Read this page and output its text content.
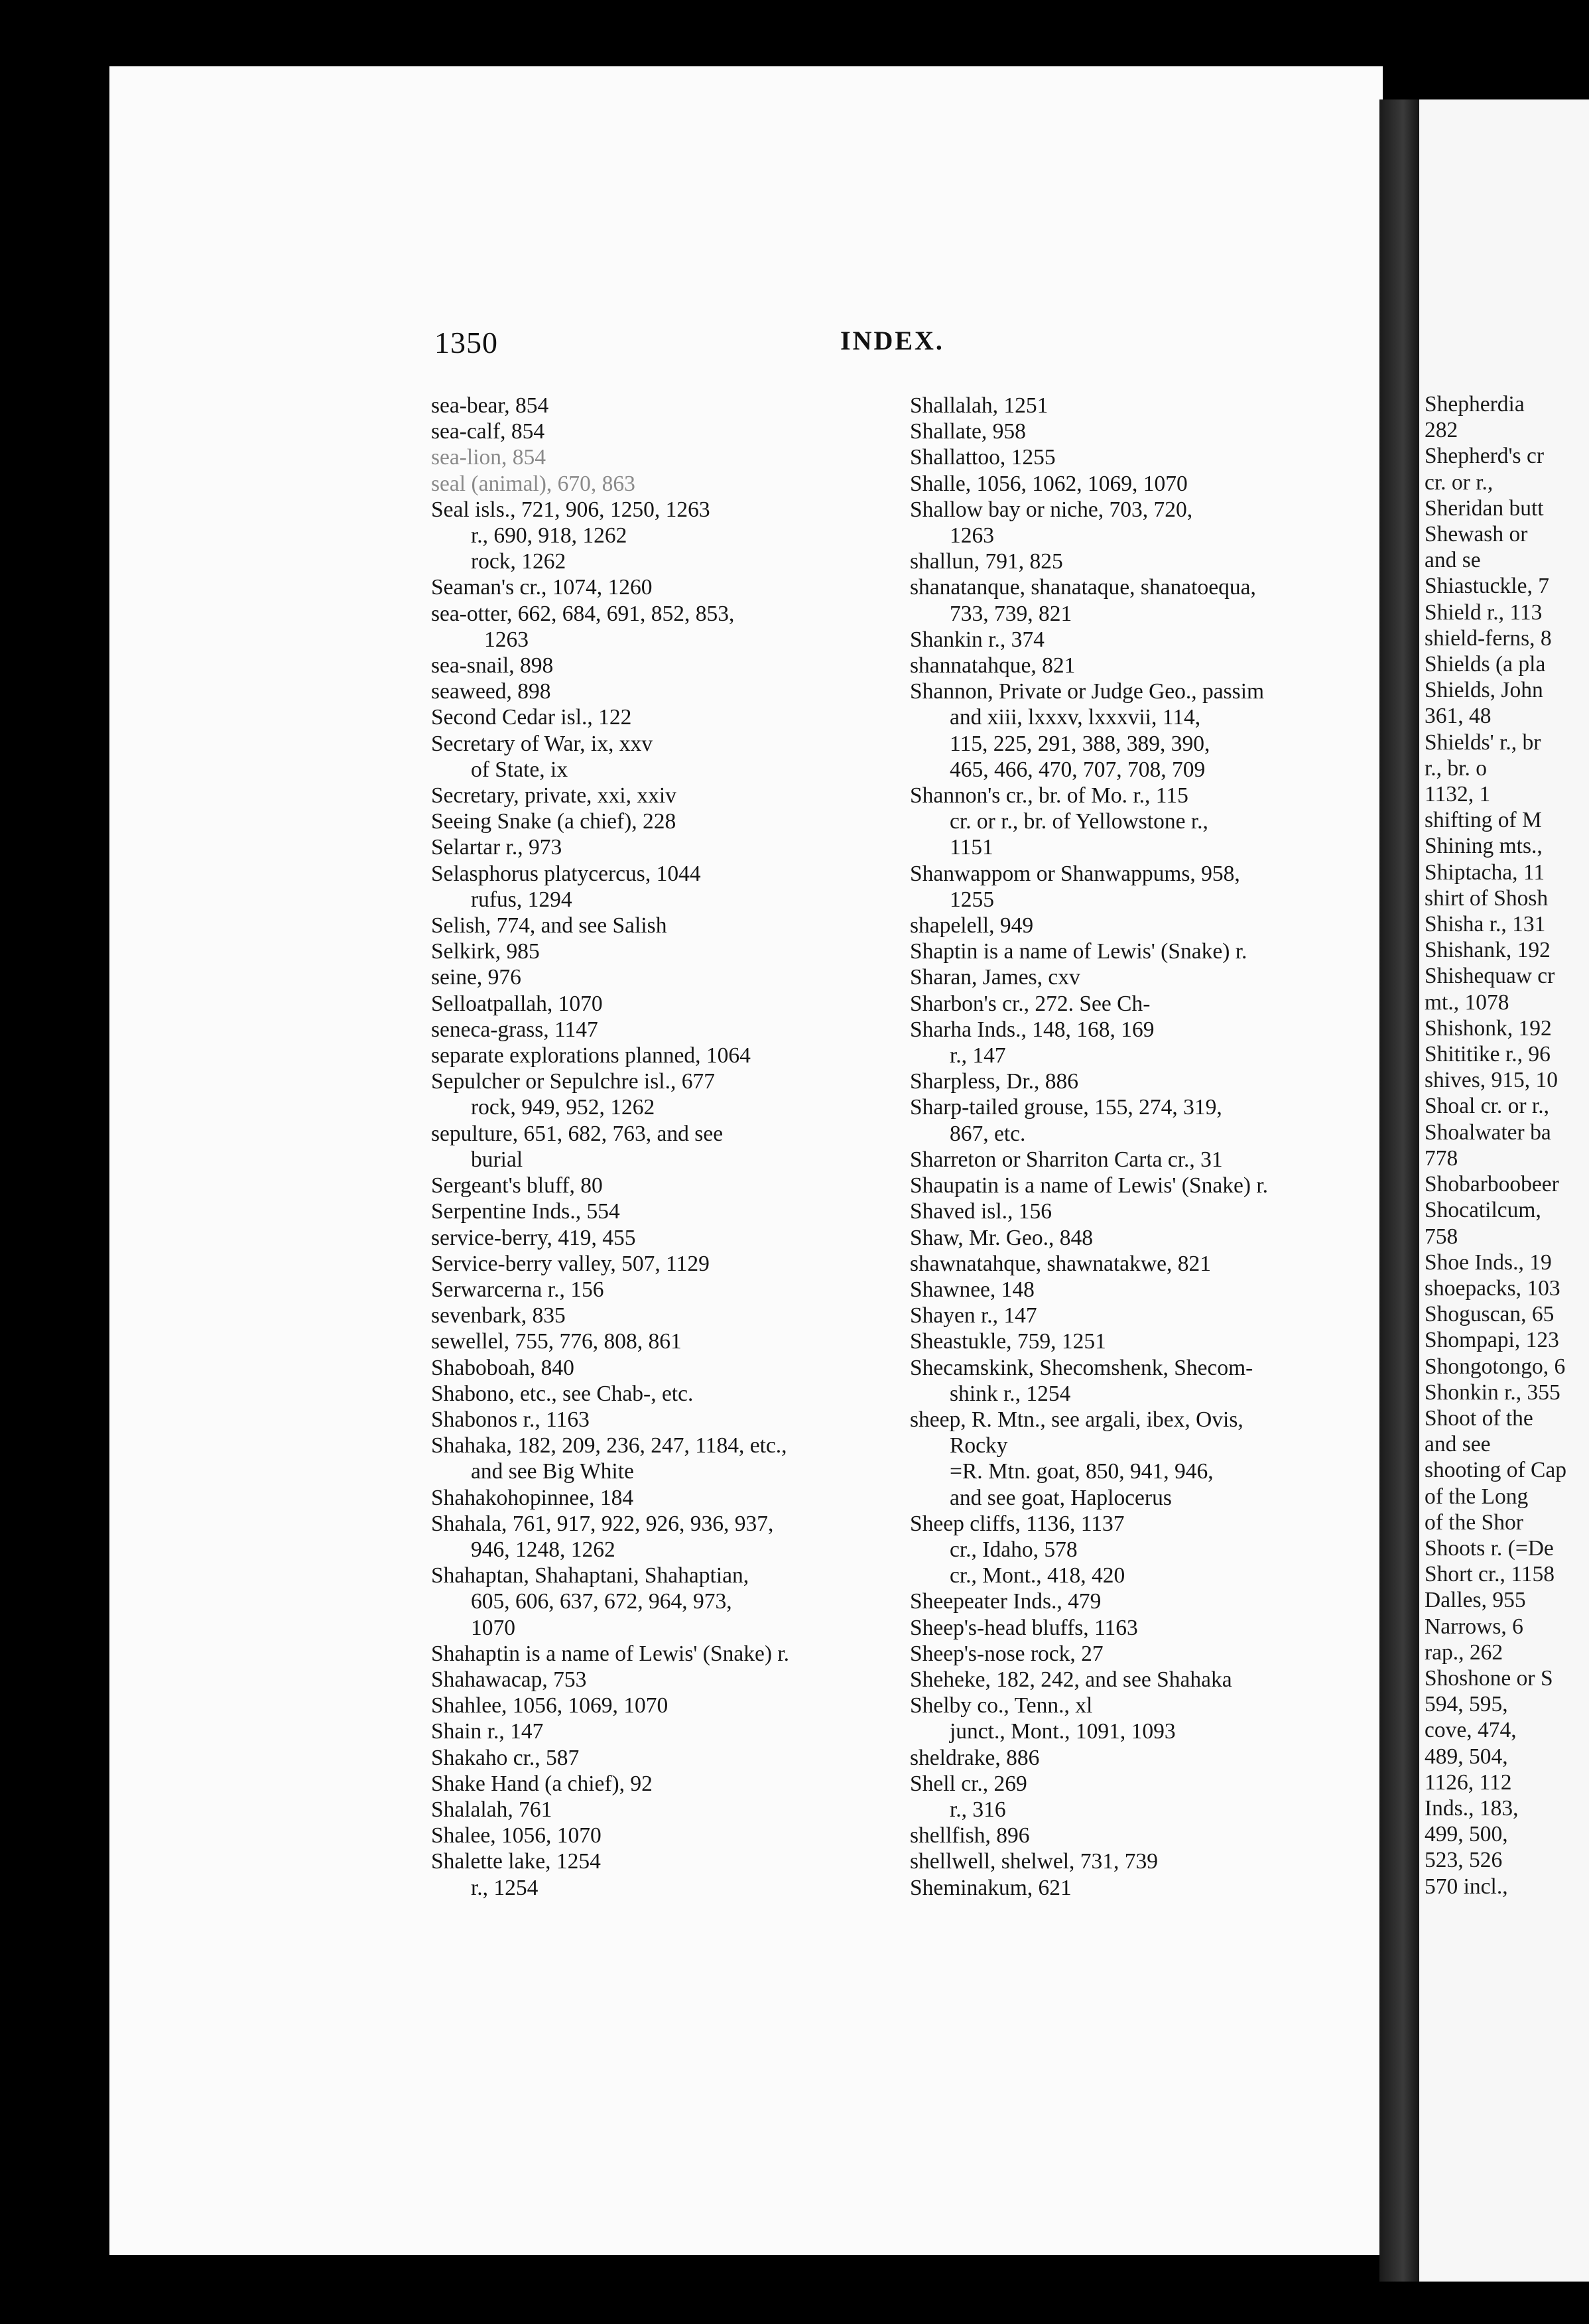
Shepherdia
282
Shepherd's cr
cr. or r.,
Sheridan butt
Shewash or
and se
Shiastuckle, 7
Shield r., 113
shield-ferns, 8
Shields (a pla
Shields, John
361, 48
Shields' r., br
r., br. o
1132, 1
shifting of M
Shining mts.,
Shiptacha, 11
shirt of Shosh
Shisha r., 131
Shishank, 192
Shishequaw cr
mt., 1078
Shishonk, 192
Shititike r., 96
shives, 915, 10
Shoal cr. or r.,
Shoalwater ba
778
Shobarboobeer
Shocatilcum,
758
Shoe Inds., 19
shoepacks, 103
Shoguscan, 65
Shompapi, 123
Shongotongo, 6
Shonkin r., 355
Shoot of the
and see
shooting of Cap
of the Long
of the Shor
Shoots r. (=De
Short cr., 1158
Dalles, 955
Narrows, 6
rap., 262
Shoshone or S
594, 595,
cove, 474,
489, 504,
1126, 112
Inds., 183,
499, 500,
523, 526
570 incl.,
1350	INDEX.
sea-bear, 854
sea-calf, 854
sea-lion, 854
seal (animal), 670, 863
Seal isls., 721, 906, 1250, 1263
r., 690, 918, 1262
rock, 1262
Seaman's cr., 1074, 1260
sea-otter, 662, 684, 691, 852, 853,
1263
sea-snail, 898
seaweed, 898
Second Cedar isl., 122
Secretary of War, ix, xxv
of State, ix
Secretary, private, xxi, xxiv
Seeing Snake (a chief), 228
Selartar r., 973
Selasphorus platycercus, 1044
rufus, 1294
Selish, 774, and see Salish
Selkirk, 985
seine, 976
Selloatpallah, 1070
seneca-grass, 1147
separate explorations planned, 1064
Sepulcher or Sepulchre isl., 677
rock, 949, 952, 1262
sepulture, 651, 682, 763, and see
burial
Sergeant's bluff, 80
Serpentine Inds., 554
service-berry, 419, 455
Service-berry valley, 507, 1129
Serwarcerna r., 156
sevenbark, 835
sewellel, 755, 776, 808, 861
Shaboboah, 840
Shabono, etc., see Chab-, etc.
Shabonos r., 1163
Shahaka, 182, 209, 236, 247, 1184, etc.,
and see Big White
Shahakohopinnee, 184
Shahala, 761, 917, 922, 926, 936, 937,
946, 1248, 1262
Shahaptan, Shahaptani, Shahaptian,
605, 606, 637, 672, 964, 973,
1070
Shahaptin is a name of Lewis' (Snake) r.
Shahawacap, 753
Shahlee, 1056, 1069, 1070
Shain r., 147
Shakaho cr., 587
Shake Hand (a chief), 92
Shalalah, 761
Shalee, 1056, 1070
Shalette lake, 1254
r., 1254
Shallalah, 1251
Shallate, 958
Shallattoo, 1255
Shalle, 1056, 1062, 1069, 1070
Shallow bay or niche, 703, 720,
1263
shallun, 791, 825
shanatanque, shanataque, shanatoequa,
733, 739, 821
Shankin r., 374
shannatahque, 821
Shannon, Private or Judge Geo., passim
and xiii, lxxxv, lxxxvii, 114,
115, 225, 291, 388, 389, 390,
465, 466, 470, 707, 708, 709
Shannon's cr., br. of Mo. r., 115
cr. or r., br. of Yellowstone r.,
1151
Shanwappom or Shanwappums, 958,
1255
shapelell, 949
Shaptin is a name of Lewis' (Snake) r.
Sharan, James, cxv
Sharbon's cr., 272. See Ch-
Sharha Inds., 148, 168, 169
r., 147
Sharpless, Dr., 886
Sharp-tailed grouse, 155, 274, 319,
867, etc.
Sharreton or Sharriton Carta cr., 31
Shaupatin is a name of Lewis' (Snake) r.
Shaved isl., 156
Shaw, Mr. Geo., 848
shawnatahque, shawnatakwe, 821
Shawnee, 148
Shayen r., 147
Sheastukle, 759, 1251
Shecamskink, Shecomshenk, Shecom-
shink r., 1254
sheep, R. Mtn., see argali, ibex, Ovis,
Rocky
=R. Mtn. goat, 850, 941, 946,
and see goat, Haplocerus
Sheep cliffs, 1136, 1137
cr., Idaho, 578
cr., Mont., 418, 420
Sheepeater Inds., 479
Sheep's-head bluffs, 1163
Sheep's-nose rock, 27
Sheheke, 182, 242, and see Shahaka
Shelby co., Tenn., xl
junct., Mont., 1091, 1093
sheldrake, 886
Shell cr., 269
r., 316
shellfish, 896
shellwell, shelwel, 731, 739
Sheminakum, 621
